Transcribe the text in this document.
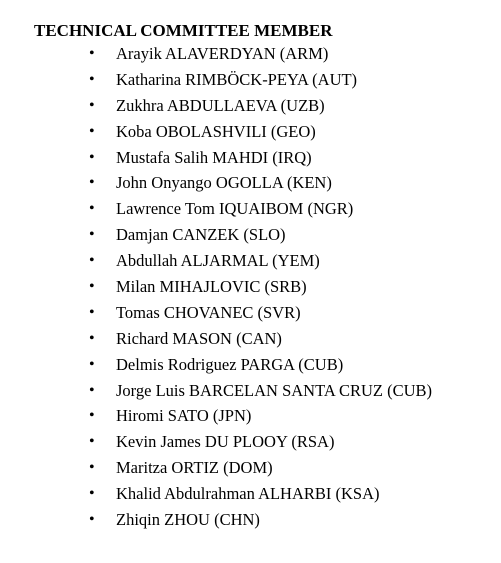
TECHNICAL COMMITTEE MEMBER
• Arayik ALAVERDYAN (ARM)
• Katharina RIMBÖCK-PEYA (AUT)
• Zukhra ABDULLAEVA (UZB)
• Koba OBOLASHVILI (GEO)
• Mustafa Salih MAHDI (IRQ)
• John Onyango OGOLLA (KEN)
• Lawrence Tom IQUAIBOM (NGR)
• Damjan CANZEK (SLO)
• Abdullah ALJARMAL (YEM)
• Milan MIHAJLOVIC (SRB)
• Tomas CHOVANEC (SVR)
• Richard MASON (CAN)
• Delmis Rodriguez PARGA (CUB)
• Jorge Luis BARCELAN SANTA CRUZ (CUB)
• Hiromi SATO (JPN)
• Kevin James DU PLOOY (RSA)
• Maritza ORTIZ (DOM)
• Khalid Abdulrahman ALHARBI (KSA)
• Zhiqin ZHOU (CHN)
